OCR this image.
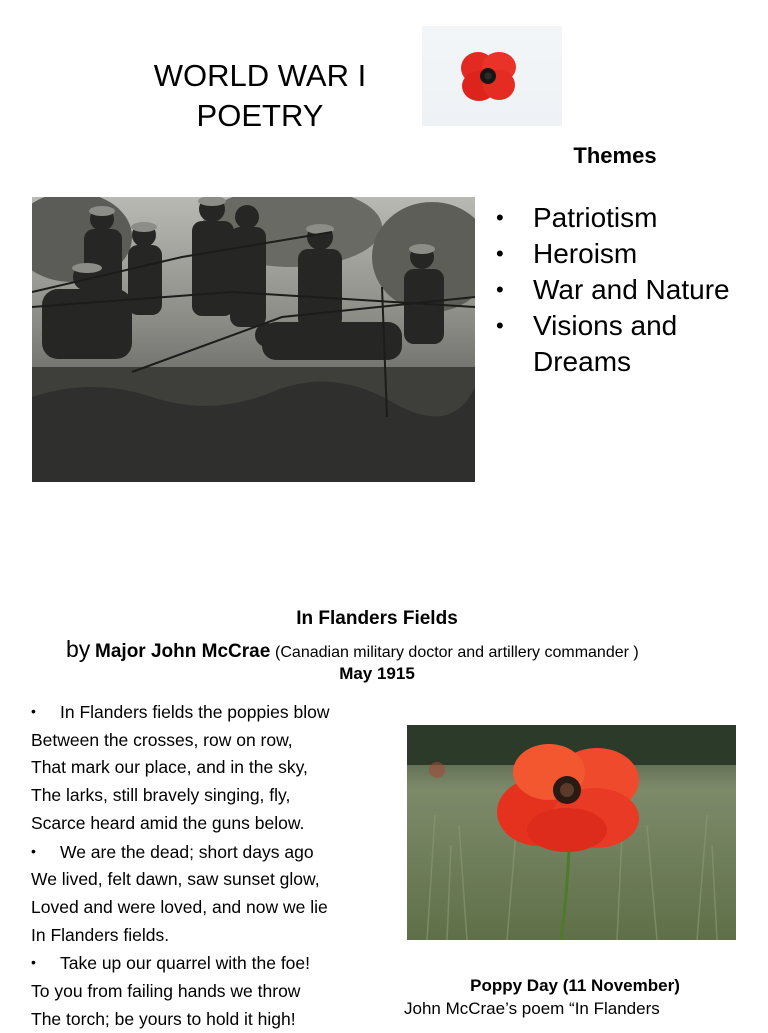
WORLD WAR I
POETRY
Themes
• Patriotism
• Heroism
• War and Nature
• Visions and Dreams
In Flanders Fields
by Major John McCrae (Canadian military doctor and artillery commander )
May 1915
• In Flanders fields the poppies blow
Between the crosses, row on row,
That mark our place, and in the sky,
The larks, still bravely singing, fly,
Scarce heard amid the guns below.
• We are the dead; short days ago
We lived, felt dawn, saw sunset glow,
Loved and were loved, and now we lie
In Flanders fields.
• Take up our quarrel with the foe!
To you from failing hands we throw
The torch; be yours to hold it high!
Poppy Day (11 November)
John McCrae’s poem “In Flanders
